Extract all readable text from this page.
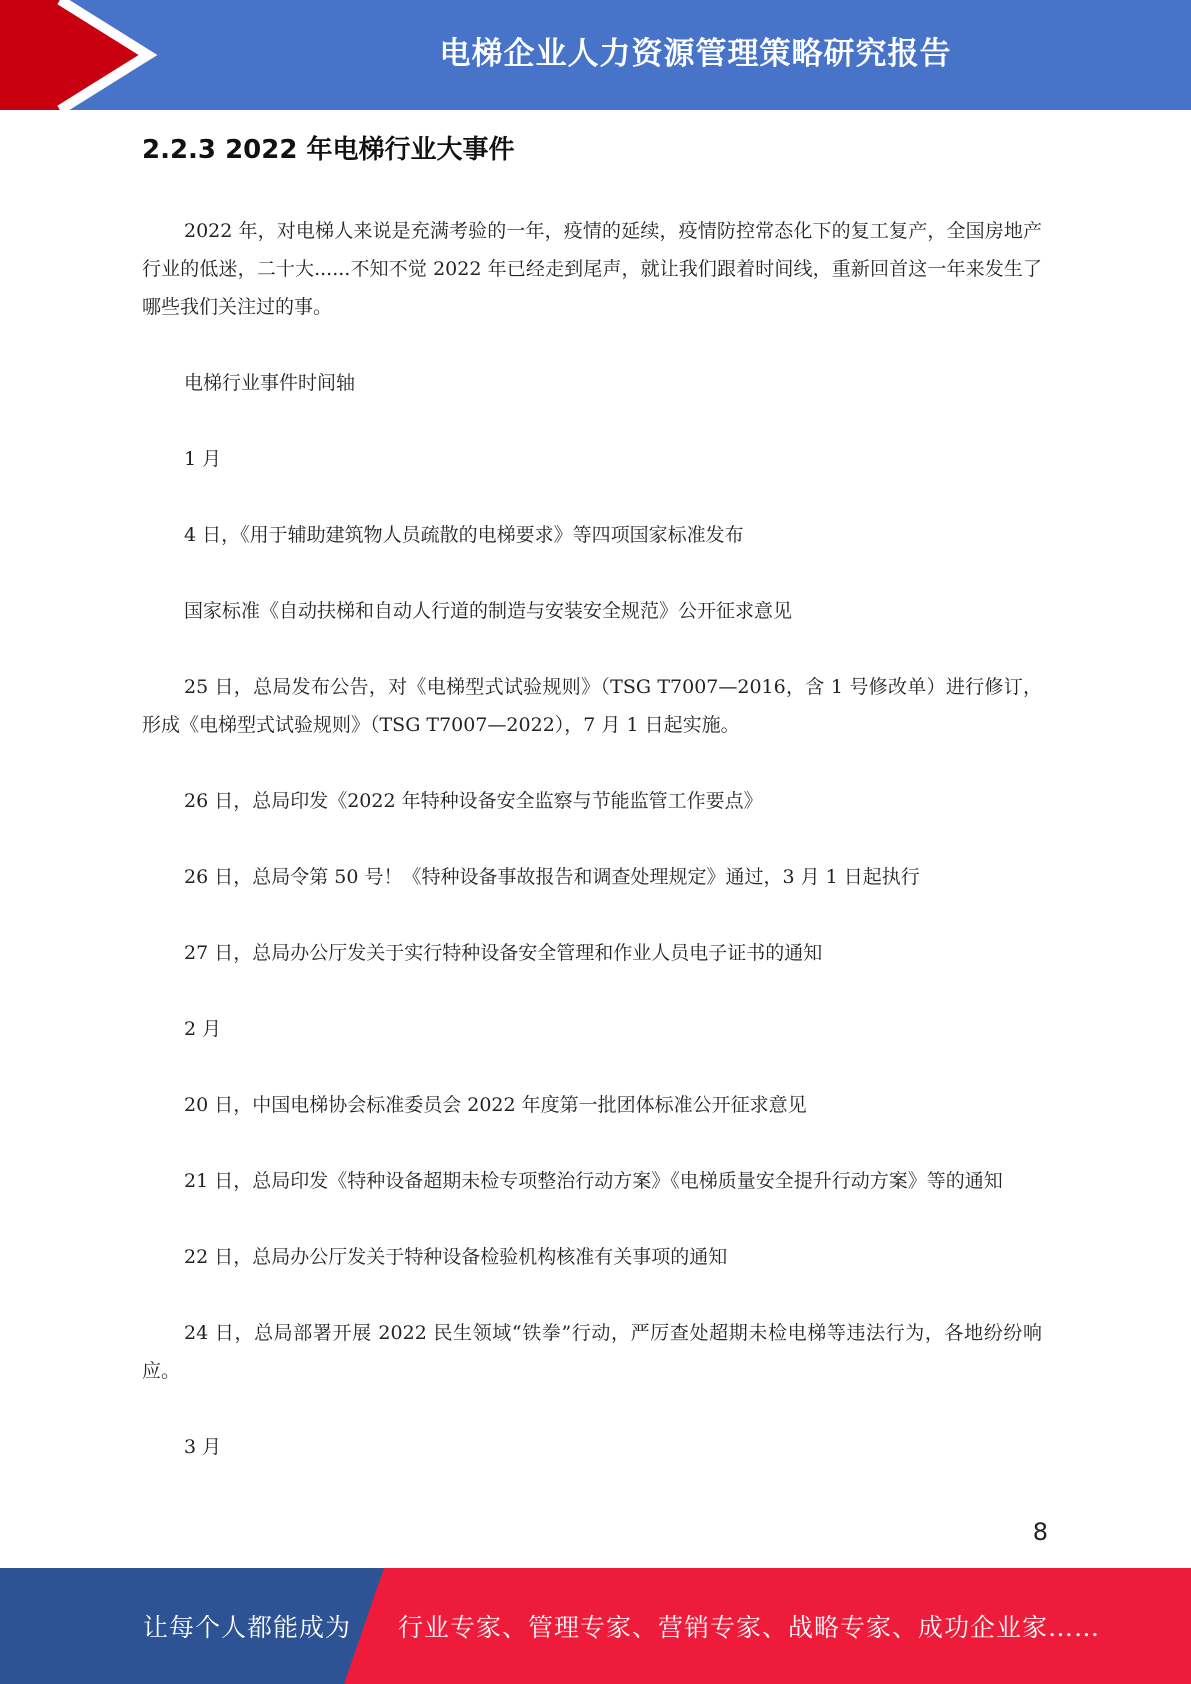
电梯企业人力资源管理策略研究报告
2.2.3 2022 年电梯行业大事件

2022 年，对电梯人来说是充满考验的一年，疫情的延续，疫情防控常态化下的复工复产，全国房地产行业的低迷，二十大......不知不觉 2022 年已经走到尾声，就让我们跟着时间线，重新回首这一年来发生了哪些我们关注过的事。

电梯行业事件时间轴

1 月

4 日，《用于辅助建筑物人员疏散的电梯要求》等四项国家标准发布

国家标准《自动扶梯和自动人行道的制造与安装安全规范》公开征求意见

25 日，总局发布公告，对《电梯型式试验规则》（TSG T7007—2016，含 1 号修改单）进行修订，形成《电梯型式试验规则》（TSG T7007—2022），7 月 1 日起实施。

26 日，总局印发《2022 年特种设备安全监察与节能监管工作要点》

26 日，总局令第 50 号！《特种设备事故报告和调查处理规定》通过，3 月 1 日起执行

27 日，总局办公厅发关于实行特种设备安全管理和作业人员电子证书的通知

2 月

20 日，中国电梯协会标准委员会 2022 年度第一批团体标准公开征求意见

21 日，总局印发《特种设备超期未检专项整治行动方案》《电梯质量安全提升行动方案》等的通知

22 日，总局办公厅发关于特种设备检验机构核准有关事项的通知

24 日，总局部署开展 2022 民生领域“铁拳”行动，严厉查处超期未检电梯等违法行为，各地纷纷响应。

3 月

8
让每个人都能成为 行业专家、管理专家、营销专家、战略专家、成功企业家……
